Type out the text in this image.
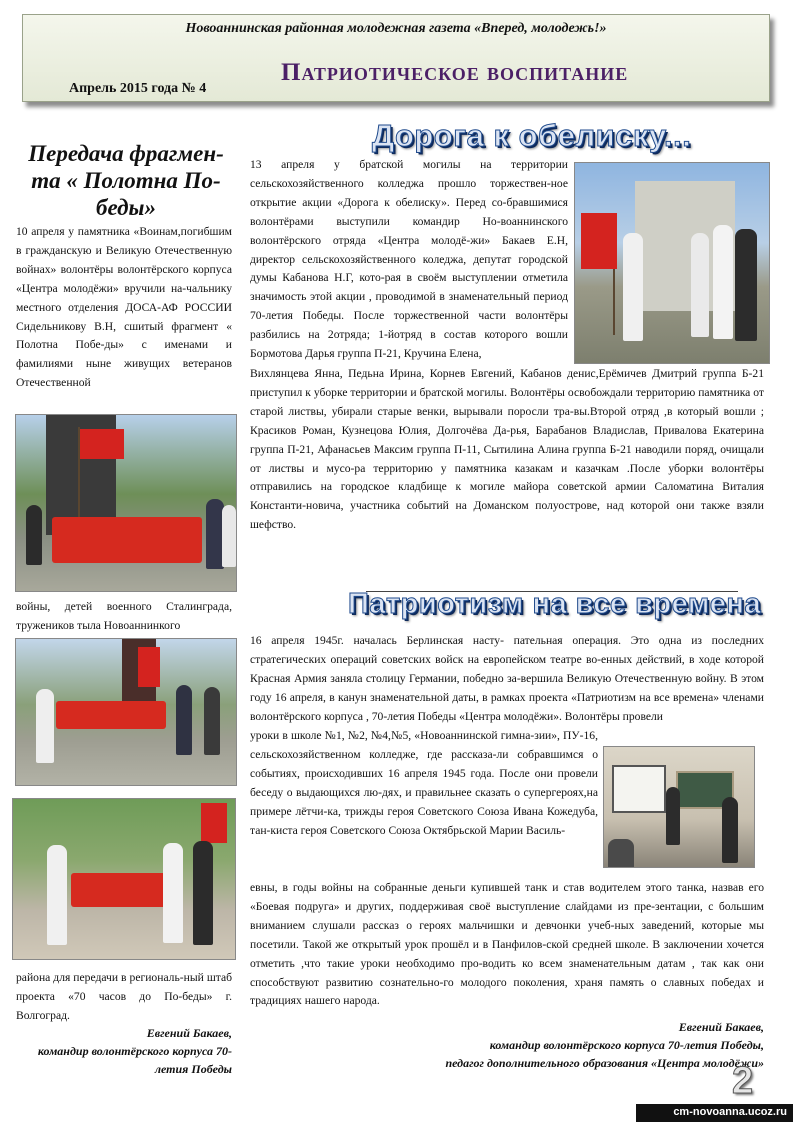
Новоаннинская районная молодежная газета «Вперед, молодежь!»
Апрель 2015 года № 4
Патриотическое воспитание
Передача фрагмен-та « Полотна По-беды»

10 апреля у памятника «Воинам,погибшим в гражданскую и Великую Отечественную войнах» волонтёры волонтёрского корпуса «Центра молодёжи» вручили на-чальнику местного отделения ДОСА-АФ РОССИИ Сидельникову В.Н, сшитый фрагмент « Полотна Побе-ды» с именами и фамилиями ныне живущих ветеранов Отечественной

войны, детей военного Сталинграда, тружеников тыла Новоаннинкого

района для передачи в региональ-ный штаб проекта «70 часов до По-беды» г. Волгоград.

Евгений Бакаев,
командир волонтёрского корпуса 70-летия Победы
Дорога к обелиску...

13 апреля у братской могилы на территории сельскохозяйственного колледжа прошло торжествен-ное открытие акции «Дорога к обелиску». Перед со-бравшимися волонтёрами выступили командир Но-воаннинского волонтёрского отряда «Центра молодё-жи» Бакаев Е.Н, директор сельскохозяйственного коледжа, депутат городской думы Кабанова Н.Г, кото-рая в своём выступлении отметила значимость этой акции , проводимой в знаменательный период 70-летия Победы. После торжественной части волонтёры разбились на 2отряда; 1-йотряд в состав которого вошли Бормотова Дарья группа П-21, Кручина Елена,

Вихлянцева Янна, Педьна Ирина, Корнев Евгений, Кабанов денис,Ерёмичев Дмитрий группа Б-21 приступил к уборке территории и братской могилы. Волонтёры освобождали территорию памятника от старой листвы, убирали старые венки, вырывали поросли тра-вы.Второй отряд ,в который вошли ; Красиков Роман, Кузнецова Юлия, Долгочёва Да-рья, Барабанов Владислав, Привалова Екатерина группа П-21, Афанасьев Максим группа П-11, Сытилина Алина группа Б-21 наводили поряд, очищали от листвы и мусо-ра территорию у памятника казакам и казачкам .После уборки волонтёры отправились на городское кладбище к могиле майора советской армии Саломатина Виталия Константи-новича, участника событий на Доманском полуострове, над которой они также взяли шефство.

Патриотизм на все времена

16 апреля 1945г. началась Берлинская насту- пательная операция. Это одна из последних стратегических операций советских войск на европейском театре во-енных действий, в ходе которой Красная Армия заняла столицу Германии, победно за-вершила Великую Отечественную войну. В этом году 16 апреля, в канун знаменательной даты, в рамках проекта «Патриотизм на все времена» членами волонтёрского корпуса , 70-летия Победы «Центра молодёжи». Волонтёры провели

уроки в школе №1, №2, №4,№5, «Новоаннинской гимна-зии», ПУ-16, сельскохозяйственном колледже, где рассказа-ли собравшимся о событиях, происходивших 16 апреля 1945 года. После они провели беседу о выдающихся лю-дях, и правильнее сказать о супергероях,на примере лётчи-ка, трижды героя Советского Союза Ивана Кожедуба, тан-киста героя Советского Союза Октябрьской Марии Василь-

евны, в годы войны на собранные деньги купившей танк и став водителем этого танка, назвав его «Боевая подруга» и других, поддерживая своё выступление слайдами из пре-зентации, с большим вниманием слушали рассказ о героях мальчишки и девчонки учеб-ных заведений, которые мы посетили. Такой же открытый урок прошёл и в Панфилов-ской средней школе. В заключении хочется отметить ,что такие уроки необходимо про-водить ко всем знаменательным датам , так как они способствуют развитию сознательно-го молодого поколения, храня память о славных победах и традициях нашего народа.

Евгений Бакаев,
командир волонтёрского корпуса 70-летия Победы,
педагог дополнительного образования «Центра молодёжи»
2
cm-novoanna.ucoz.ru
